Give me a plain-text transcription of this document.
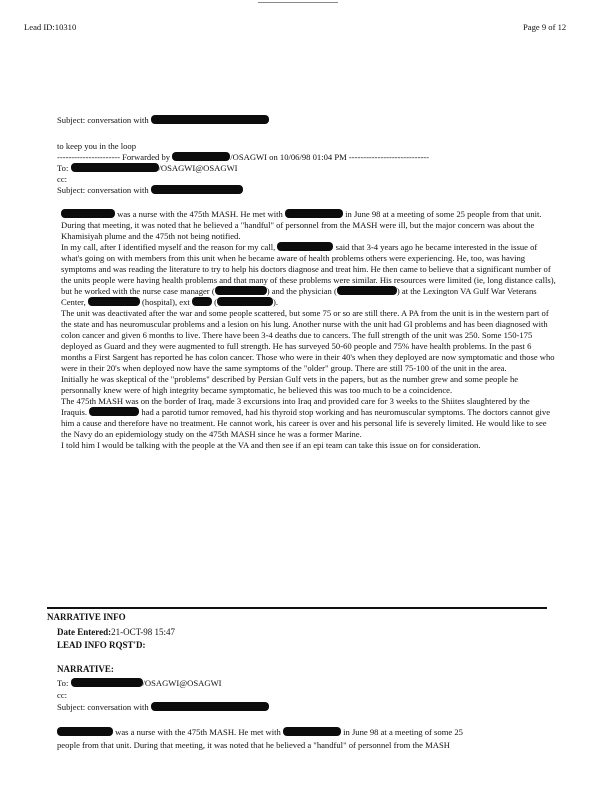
Lead ID:10310	Page 9 of 12
Subject: conversation with
to keep you in the loop
---------------------- Forwarded by	/OSAGWI on 10/06/98 01:04 PM ----------------------------
To:	/OSAGWI@OSAGWI
cc:
Subject: conversation with

was a nurse with the 475th MASH. He met with	in June 98 at a meeting of some 25 people from that unit. During that meeting, it was noted that he believed a "handful" of personnel from the MASH were ill, but the major concern was about the Khamisiyah plume and the 475th not being notified.

In my call, after I identified myself and the reason for my call,	said that 3-4 years ago he became interested in the issue of what's going on with members from this unit when he became aware of health problems others were experiencing. He, too, was having symptoms and was reading the literature to try to help his doctors diagnose and treat him. He then came to believe that a significant number of the units people were having health problems and that many of these problems were similar. His resources were limited (ie, long distance calls), but he worked with the nurse case manager (	) and the physician (	) at the Lexington VA Gulf War Veterans Center,	(hospital), ext	(	).

The unit was deactivated after the war and some people scattered, but some 75 or so are still there. A PA from the unit is in the western part of the state and has neuromuscular problems and a lesion on his lung. Another nurse with the unit had GI problems and has been diagnosed with colon cancer and given 6 months to live. There have been 3-4 deaths due to cancers. The full strength of the unit was 250. Some 150-175 deployed as Guard and they were augmented to full strength. He has surveyed 50-60 people and 75% have health problems. In the past 6 months a First Sargent has reported he has colon cancer. Those who were in their 40's when they deployed are now symptomatic and those who were in their 20's when deployed now have the same symptoms of the "older" group. There are still 75-100 of the unit in the area.

Initially he was skeptical of the "problems" described by Persian Gulf vets in the papers, but as the number grew and some people he personnally knew were of high integrity became symptomatic, he believed this was too much to be a coincidence.

The 475th MASH was on the border of Iraq, made 3 excursions into Iraq and provided care for 3 weeks to the Shiites slaughtered by the Iraquis.	had a parotid tumor removed, had his thyroid stop working and has neuromuscular symptoms. The doctors cannot give him a cause and therefore have no treatment. He cannot work, his career is over and his personal life is severely limited. He would like to see the Navy do an epidemiology study on the 475th MASH since he was a former Marine.

I told him I would be talking with the people at the VA and then see if an epi team can take this issue on for consideration.

NARRATIVE INFO
Date Entered:21-OCT-98 15:47
LEAD INFO RQST'D:
NARRATIVE:
To:	/OSAGWI@OSAGWI
cc:
Subject: conversation with
was a nurse with the 475th MASH. He met with	in June 98 at a meeting of some 25
people from that unit. During that meeting, it was noted that he believed a "handful" of personnel from the MASH
